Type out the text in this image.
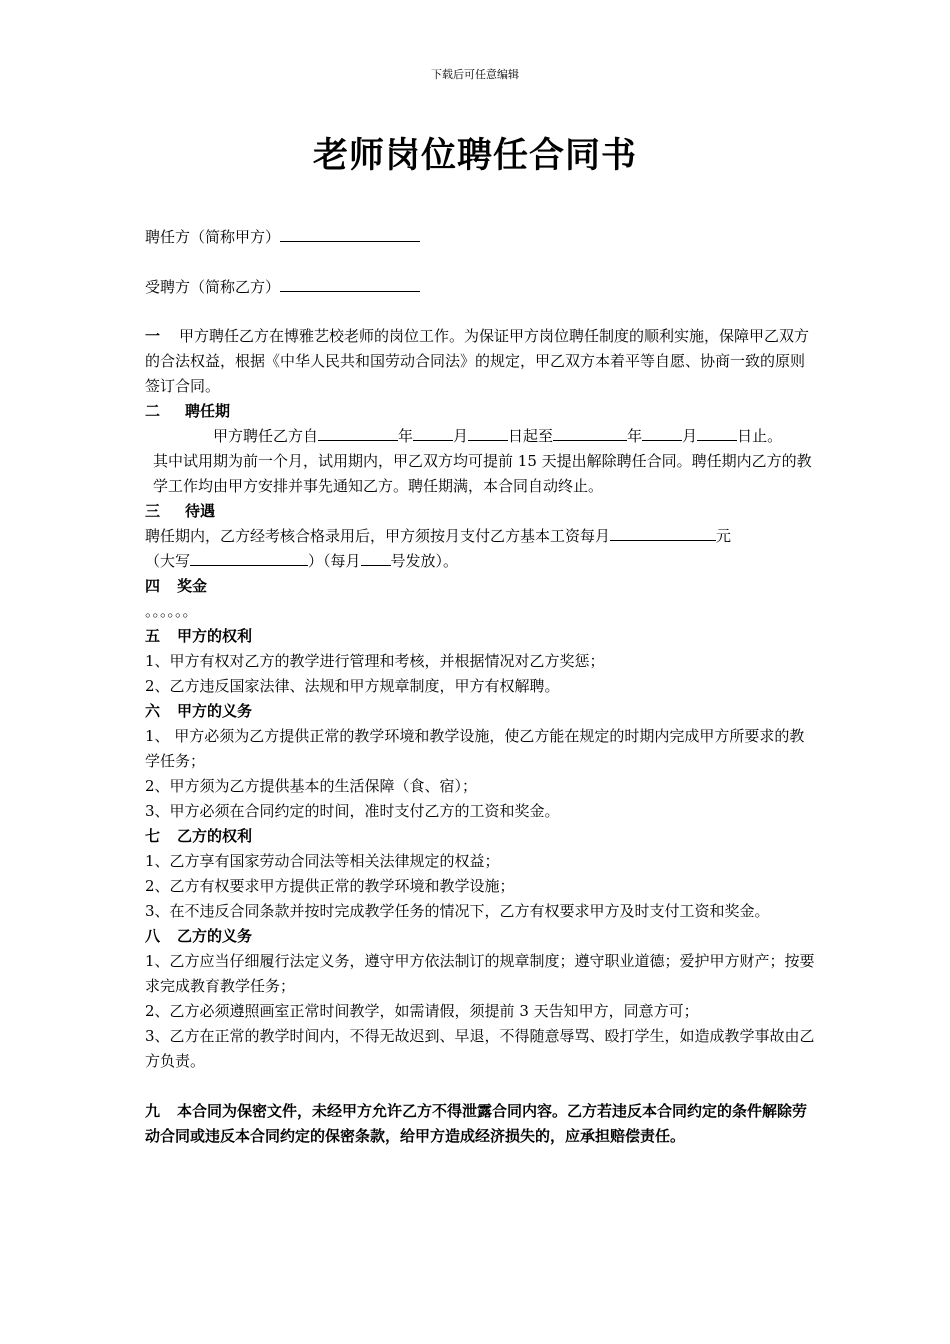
下载后可任意编辑
老师岗位聘任合同书
聘任方（简称甲方）
受聘方（简称乙方）
一 甲方聘任乙方在博雅艺校老师的岗位工作。为保证甲方岗位聘任制度的顺利实施，保障甲乙双方的合法权益，根据《中华人民共和国劳动合同法》的规定，甲乙双方本着平等自愿、协商一致的原则签订合同。
二 聘任期
甲方聘任乙方自	年	月	日起至	年	月	日止。
其中试用期为前一个月，试用期内，甲乙双方均可提前 15 天提出解除聘任合同。聘任期内乙方的教学工作均由甲方安排并事先通知乙方。聘任期满，本合同自动终止。
三 待遇
聘任期内，乙方经考核合格录用后，甲方须按月支付乙方基本工资每月	元
（大写	）（每月 号发放）。
四 奖金
。。。。。。
五 甲方的权利
1、甲方有权对乙方的教学进行管理和考核，并根据情况对乙方奖惩；
2、乙方违反国家法律、法规和甲方规章制度，甲方有权解聘。
六 甲方的义务
1、 甲方必须为乙方提供正常的教学环境和教学设施，使乙方能在规定的时期内完成甲方所要求的教学任务；
2、甲方须为乙方提供基本的生活保障（食、宿）；
3、甲方必须在合同约定的时间，准时支付乙方的工资和奖金。
七 乙方的权利
1、乙方享有国家劳动合同法等相关法律规定的权益；
2、乙方有权要求甲方提供正常的教学环境和教学设施；
3、在不违反合同条款并按时完成教学任务的情况下，乙方有权要求甲方及时支付工资和奖金。
八 乙方的义务
1、乙方应当仔细履行法定义务，遵守甲方依法制订的规章制度；遵守职业道德；爱护甲方财产；按要求完成教育教学任务；
2、乙方必须遵照画室正常时间教学，如需请假，须提前 3 天告知甲方，同意方可；
3、乙方在正常的教学时间内，不得无故迟到、早退，不得随意辱骂、殴打学生，如造成教学事故由乙方负责。
九 本合同为保密文件，未经甲方允许乙方不得泄露合同内容。乙方若违反本合同约定的条件解除劳动合同或违反本合同约定的保密条款，给甲方造成经济损失的，应承担赔偿责任。
